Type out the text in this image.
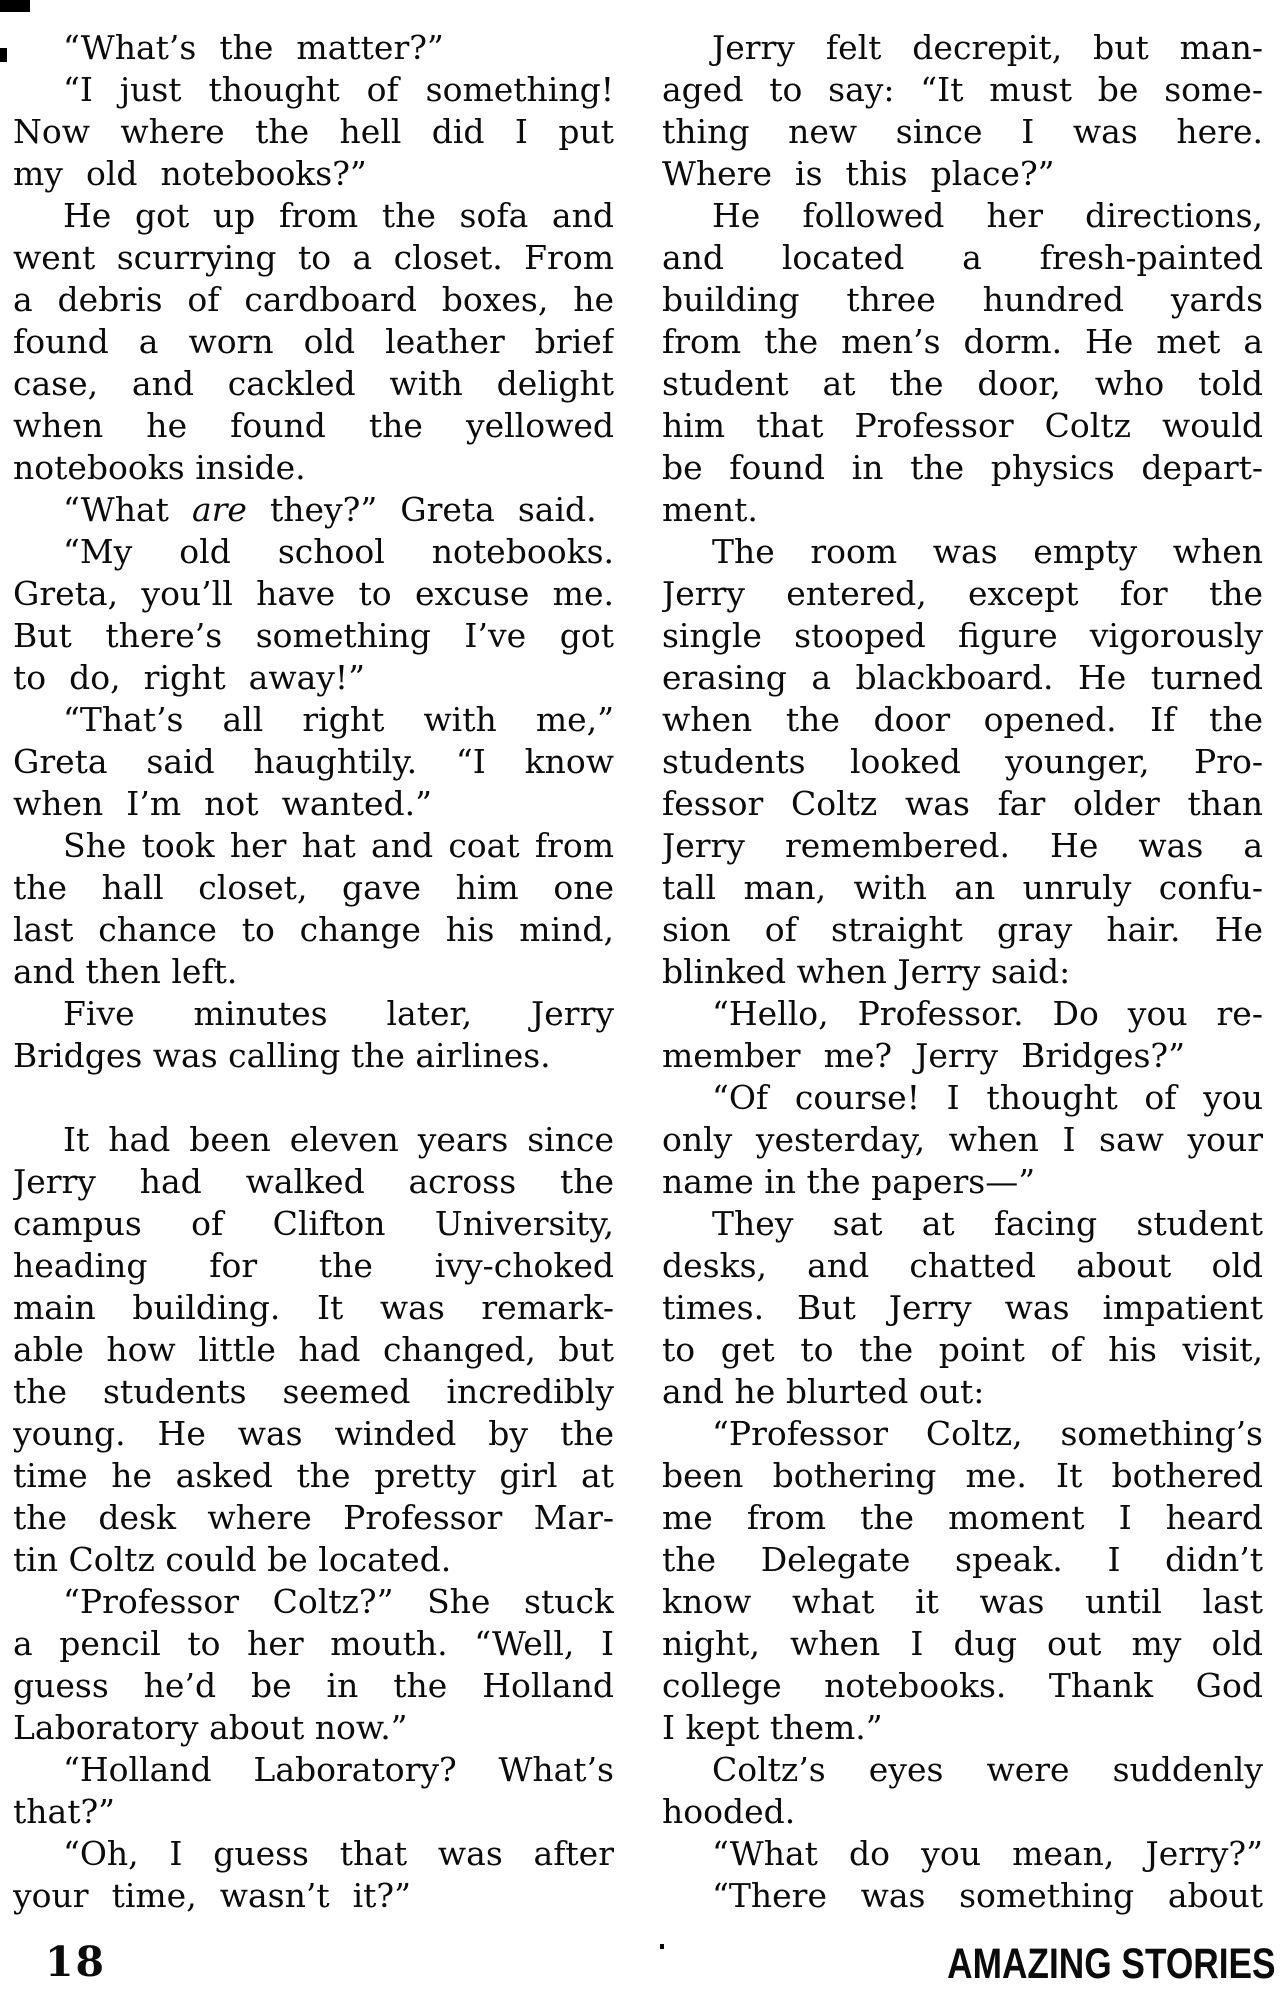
“What’s the matter?”
“I just thought of something!
Now where the hell did I put
my old notebooks?”
He got up from the sofa and
went scurrying to a closet. From
a debris of cardboard boxes, he
found a worn old leather brief
case, and cackled with delight
when he found the yellowed
notebooks inside.
“What are they?” Greta said.
“My old school notebooks.
Greta, you’ll have to excuse me.
But there’s something I’ve got
to do, right away!”
“That’s all right with me,”
Greta said haughtily. “I know
when I’m not wanted.”
She took her hat and coat from
the hall closet, gave him one
last chance to change his mind,
and then left.
Five minutes later, Jerry
Bridges was calling the airlines.
It had been eleven years since
Jerry had walked across the
campus of Clifton University,
heading for the ivy-choked
main building. It was remark-
able how little had changed, but
the students seemed incredibly
young. He was winded by the
time he asked the pretty girl at
the desk where Professor Mar-
tin Coltz could be located.
“Professor Coltz?” She stuck
a pencil to her mouth. “Well, I
guess he’d be in the Holland
Laboratory about now.”
“Holland Laboratory? What’s
that?”
“Oh, I guess that was after
your time, wasn’t it?”
Jerry felt decrepit, but man-
aged to say: “It must be some-
thing new since I was here.
Where is this place?”
He followed her directions,
and located a fresh-painted
building three hundred yards
from the men’s dorm. He met a
student at the door, who told
him that Professor Coltz would
be found in the physics depart-
ment.
The room was empty when
Jerry entered, except for the
single stooped figure vigorously
erasing a blackboard. He turned
when the door opened. If the
students looked younger, Pro-
fessor Coltz was far older than
Jerry remembered. He was a
tall man, with an unruly confu-
sion of straight gray hair. He
blinked when Jerry said:
“Hello, Professor. Do you re-
member me? Jerry Bridges?”
“Of course! I thought of you
only yesterday, when I saw your
name in the papers—”
They sat at facing student
desks, and chatted about old
times. But Jerry was impatient
to get to the point of his visit,
and he blurted out:
“Professor Coltz, something’s
been bothering me. It bothered
me from the moment I heard
the Delegate speak. I didn’t
know what it was until last
night, when I dug out my old
college notebooks. Thank God
I kept them.”
Coltz’s eyes were suddenly
hooded.
“What do you mean, Jerry?”
“There was something about
18	AMAZING STORIES
